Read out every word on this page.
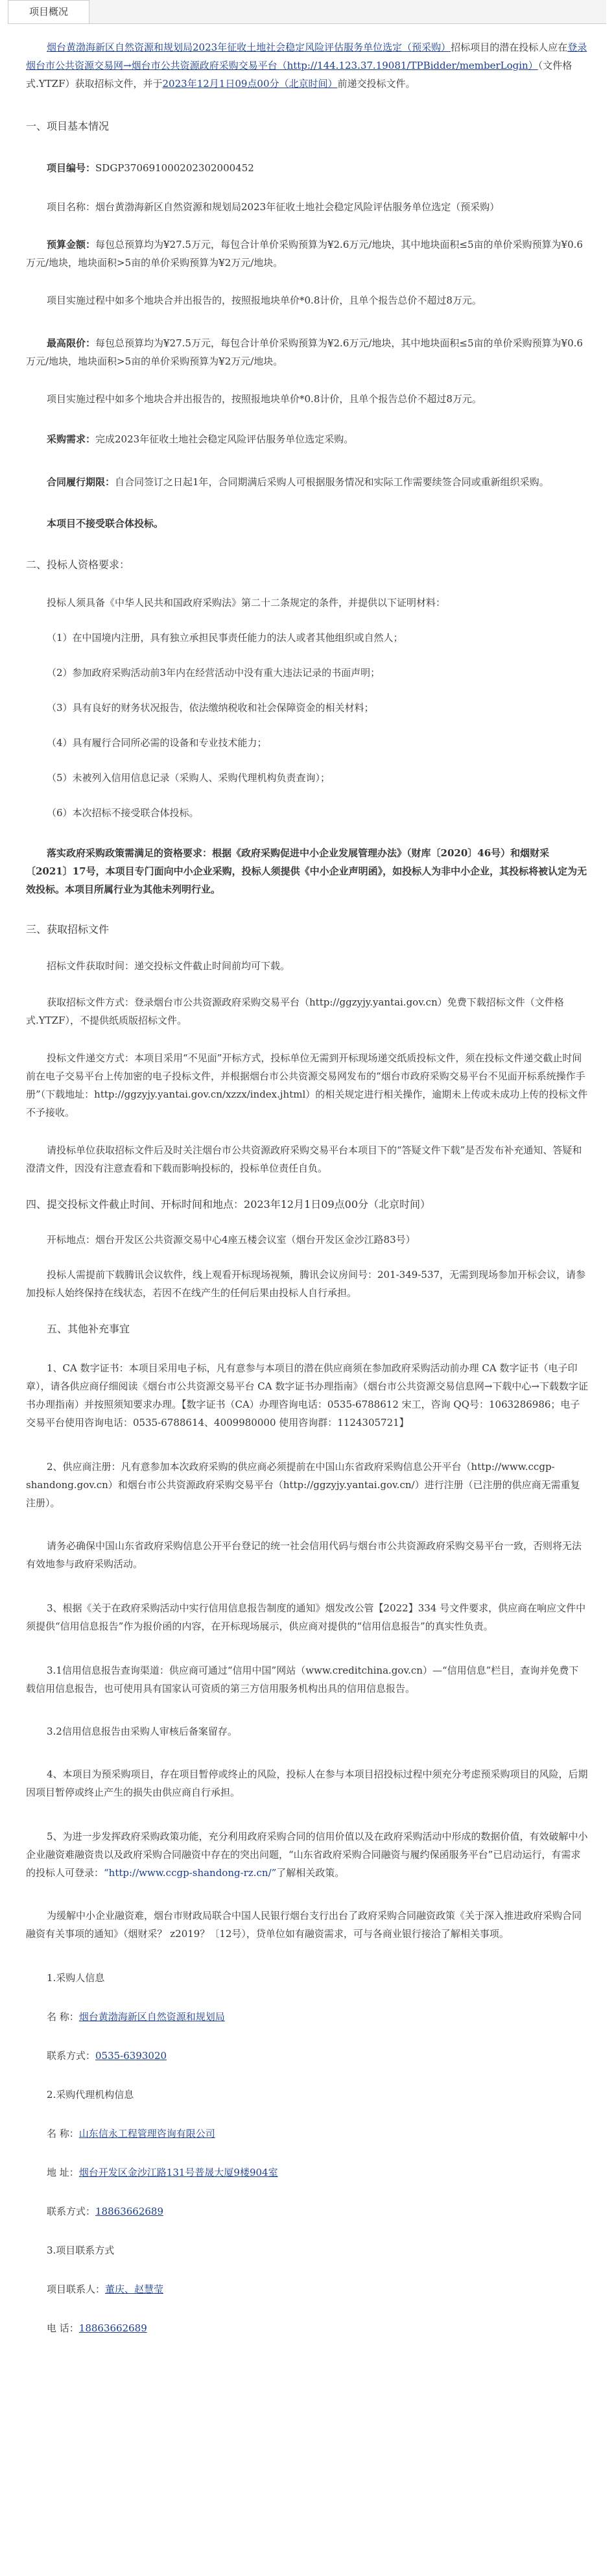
项目概况

烟台黄渤海新区自然资源和规划局2023年征收土地社会稳定风险评估服务单位选定（预采购）招标项目的潜在投标人应在登录烟台市公共资源交易网→烟台市公共资源政府采购交易平台（http://144.123.37.19081/TPBidder/memberLogin）（文件格式.YTZF）获取招标文件，并于2023年12月1日09点00分（北京时间）前递交投标文件。

一、项目基本情况

项目编号：SDGP370691000202302000452

项目名称：烟台黄渤海新区自然资源和规划局2023年征收土地社会稳定风险评估服务单位选定（预采购）

预算金额：每包总预算均为¥27.5万元，每包合计单价采购预算为¥2.6万元/地块，其中地块面积≤5亩的单价采购预算为¥0.6万元/地块，地块面积>5亩的单价采购预算为¥2万元/地块。

项目实施过程中如多个地块合并出报告的，按照报地块单价*0.8计价，且单个报告总价不超过8万元。

最高限价：每包总预算均为¥27.5万元，每包合计单价采购预算为¥2.6万元/地块，其中地块面积≤5亩的单价采购预算为¥0.6万元/地块，地块面积>5亩的单价采购预算为¥2万元/地块。

项目实施过程中如多个地块合并出报告的，按照报地块单价*0.8计价，且单个报告总价不超过8万元。

采购需求：完成2023年征收土地社会稳定风险评估服务单位选定采购。

合同履行期限：自合同签订之日起1年，合同期满后采购人可根据服务情况和实际工作需要续签合同或重新组织采购。

本项目不接受联合体投标。

二、投标人资格要求：

投标人须具备《中华人民共和国政府采购法》第二十二条规定的条件，并提供以下证明材料：

（1）在中国境内注册，具有独立承担民事责任能力的法人或者其他组织或自然人；

（2）参加政府采购活动前3年内在经营活动中没有重大违法记录的书面声明；

（3）具有良好的财务状况报告，依法缴纳税收和社会保障资金的相关材料；

（4）具有履行合同所必需的设备和专业技术能力；

（5）未被列入信用信息记录（采购人、采购代理机构负责查询）；

（6）本次招标不接受联合体投标。

落实政府采购政策需满足的资格要求：根据《政府采购促进中小企业发展管理办法》（财库〔2020〕46号）和烟财采〔2021〕17号，本项目专门面向中小企业采购，投标人须提供《中小企业声明函》，如投标人为非中小企业，其投标将被认定为无效投标。本项目所属行业为其他未列明行业。

三、获取招标文件

招标文件获取时间：递交投标文件截止时间前均可下载。

获取招标文件方式：登录烟台市公共资源政府采购交易平台（http://ggzyjy.yantai.gov.cn）免费下载招标文件（文件格式.YTZF），不提供纸质版招标文件。

投标文件递交方式：本项目采用“不见面”开标方式，投标单位无需到开标现场递交纸质投标文件，须在投标文件递交截止时间前在电子交易平台上传加密的电子投标文件，并根据烟台市公共资源交易网发布的“烟台市政府采购交易平台不见面开标系统操作手册”（下载地址：http://ggzyjy.yantai.gov.cn/xzzx/index.jhtml）的相关规定进行相关操作，逾期未上传或未成功上传的投标文件不予接收。

请投标单位获取招标文件后及时关注烟台市公共资源政府采购交易平台本项目下的“答疑文件下载”是否发布补充通知、答疑和澄清文件，因没有注意查看和下载而影响投标的，投标单位责任自负。

四、提交投标文件截止时间、开标时间和地点：2023年12月1日09点00分（北京时间）

开标地点：烟台开发区公共资源交易中心4座五楼会议室（烟台开发区金沙江路83号）

投标人需提前下载腾讯会议软件，线上观看开标现场视频，腾讯会议房间号：201-349-537，无需到现场参加开标会议，请参加投标人始终保持在线状态，若因不在线产生的任何后果由投标人自行承担。

五、其他补充事宜

1、CA 数字证书：本项目采用电子标，凡有意参与本项目的潜在供应商须在参加政府采购活动前办理 CA 数字证书（电子印章），请各供应商仔细阅读《烟台市公共资源交易平台 CA 数字证书办理指南》（烟台市公共资源交易信息网→下载中心→下载数字证书办理指南）并按照须知要求办理。【数字证书（CA）办理咨询电话：0535-6788612 宋工，咨询 QQ号：1063286986；电子交易平台使用咨询电话：0535-6788614、4009980000 使用咨询群：1124305721】

2、供应商注册：凡有意参加本次政府采购的供应商必须提前在中国山东省政府采购信息公开平台（http://www.ccgp-shandong.gov.cn）和烟台市公共资源政府采购交易平台（http://ggzyjy.yantai.gov.cn/）进行注册（已注册的供应商无需重复注册）。

请务必确保中国山东省政府采购信息公开平台登记的统一社会信用代码与烟台市公共资源政府采购交易平台一致，否则将无法有效地参与政府采购活动。

3、根据《关于在政府采购活动中实行信用信息报告制度的通知》烟发改公管【2022】334 号文件要求，供应商在响应文件中须提供“信用信息报告”作为报价函的内容，在开标现场展示，供应商对提供的“信用信息报告”的真实性负责。

3.1信用信息报告查询渠道：供应商可通过“信用中国”网站（www.creditchina.gov.cn）—“信用信息”栏目，查询并免费下载信用信息报告，也可使用具有国家认可资质的第三方信用服务机构出具的信用信息报告。

3.2信用信息报告由采购人审核后备案留存。

4、本项目为预采购项目，存在项目暂停或终止的风险，投标人在参与本项目招投标过程中须充分考虑预采购项目的风险，后期因项目暂停或终止产生的损失由供应商自行承担。

5、为进一步发挥政府采购政策功能，充分利用政府采购合同的信用价值以及在政府采购活动中形成的数据价值，有效破解中小企业融资难融资贵以及政府采购合同融资中存在的突出问题，“山东省政府采购合同融资与履约保函服务平台”已启动运行，有需求的投标人可登录：“http://www.ccgp-shandong-rz.cn/”了解相关政策。

为缓解中小企业融资难，烟台市财政局联合中国人民银行烟台支行出台了政府采购合同融资政策《关于深入推进政府采购合同融资有关事项的通知》（烟财采？ z2019？〔12号），贷单位如有融资需求，可与各商业银行接洽了解相关事项。

1.采购人信息

名 称：烟台黄渤海新区自然资源和规划局

联系方式：0535-6393020

2.采购代理机构信息

名 称：山东信永工程管理咨询有限公司

地 址：烟台开发区金沙江路131号普晟大厦9楼904室

联系方式：18863662689

3.项目联系方式

项目联系人：董庆、赵慧莹

电 话：18863662689
